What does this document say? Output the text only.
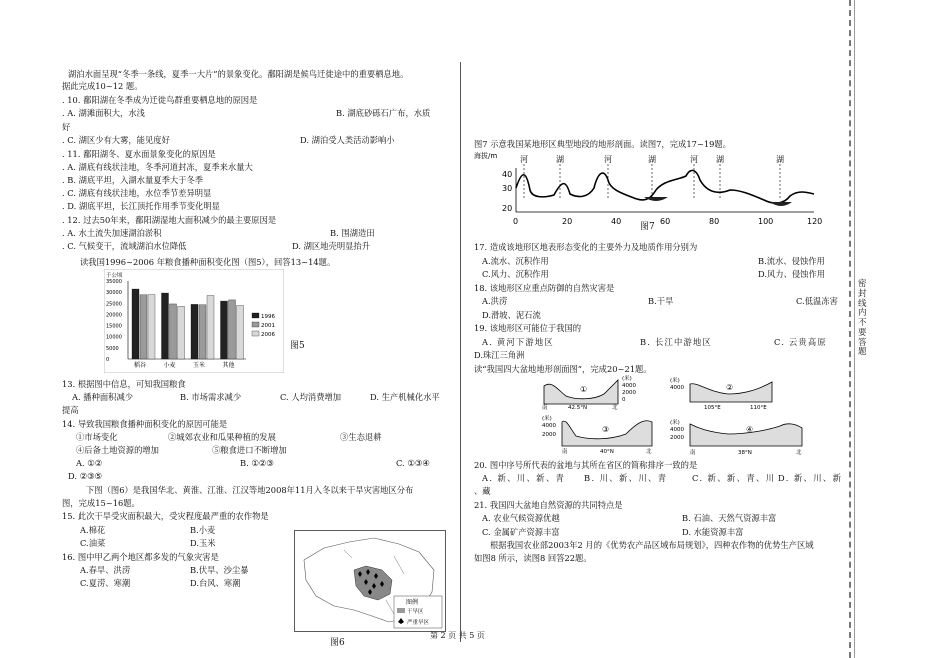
密封线内不要答题
湖泊水面呈现“冬季一条线，夏季一大片”的景象变化。鄱阳湖是候鸟迁徙途中的重要栖息地。
据此完成10~12 题。
. 10. 鄱阳湖在冬季成为迁徙鸟群重要栖息地的原因是
. A. 湖滩面积大，水浅	B. 湖底砂砾石广布，水质
好
. C. 湖区少有大雾，能见度好	D. 湖泊受人类活动影响小
. 11. 鄱阳湖冬、夏水面景象变化的原因是
. A. 湖底有线状洼地，冬季河道封冻，夏季来水量大
. B. 湖底平坦，入湖水量夏季大于冬季
. C. 湖底有线状洼地，水位季节差异明显
. D. 湖底平坦，长江顶托作用季节变化明显
. 12. 过去50年来，鄱阳湖湿地大面积减少的最主要原因是
. A. 水土流失加速湖泊淤积	B. 围湖造田
. C. 气候变干，流域湖泊水位降低	D. 湖区地壳明显抬升
读我国1996~2006 年粮食播种面积变化图（图5），回答13~14题。
千公顷
35000
30000
25000
20000
15000
10000
5000
0
稻谷	小麦	玉米	其他
1996
2001
2006
图5
13. 根据图中信息，可知我国粮食
A. 播种面积减少	B. 市场需求减少	C. 人均消费增加	D. 生产机械化水平
提高
14. 导致我国粮食播种面积变化的原因可能是
①市场变化	②城郊农业和瓜果种植的发展	③生态退耕
④后备土地资源的增加	⑤粮食进口不断增加
A. ①②	B. ①②③	C. ①③④
D. ②③⑤
下图（图6）是我国华北、黄淮、江淮、江汉等地2008年11月入冬以来干旱灾害地区分布
图，完成15~16题。
15. 此次干旱受灾面积最大，受灾程度最严重的农作物是
A.棉花	B.小麦
C.油菜	D.玉米
16. 图中甲乙两个地区都多发的气象灾害是
A.春旱、洪涝	B.伏旱、沙尘暴
C.夏涝、寒潮	D.台风、寒潮
图例
干旱区
严重旱区
图6
图7 示意我国某地形区典型地段的地形剖面。读图7，完成17~19题。
海拔/m
40
30
20
河	湖	河	湖	河 湖	湖
0	20	40	60	80	100	120
图7
17. 造成该地形区地表形态变化的主要外力及地质作用分别为
A.流水、沉积作用	B.流水、侵蚀作用
C.风力、沉积作用	D.风力、侵蚀作用
18. 该地形区应重点防御的自然灾害是
A.洪涝	B.干旱	C.低温冻害
D.滑坡、泥石流
19. 该地形区可能位于我国的
A. 黄河下游地区	B. 长江中游地区	C. 云贵高原
D.珠江三角洲
读“我国四大盆地地形剖面图”，完成20~21题。
(米)
4000
2000
0
①
南	42.5°N	北
(米)
4000	②
105°E	110°E
(米)
4000
2000
③
南	40°N	北
(米)
4000
2000
④
南	38°N	北
20. 图中序号所代表的盆地与其所在省区的简称排序一致的是
A. 新、川、新、青 B. 川、新、川、青	C. 新、新、青、川 D. 新、川、新
、藏
21. 我国四大盆地自然资源的共同特点是
A. 农业气候资源优越	B. 石油、天然气资源丰富
C. 金属矿产资源丰富	D. 水能资源丰富
根据我国农业部2003年2 月的《优势农产品区域布局规划》，四种农作物的优势生产区域
如图8 所示，读图8 回答22题。
第 2 页 共 5 页
